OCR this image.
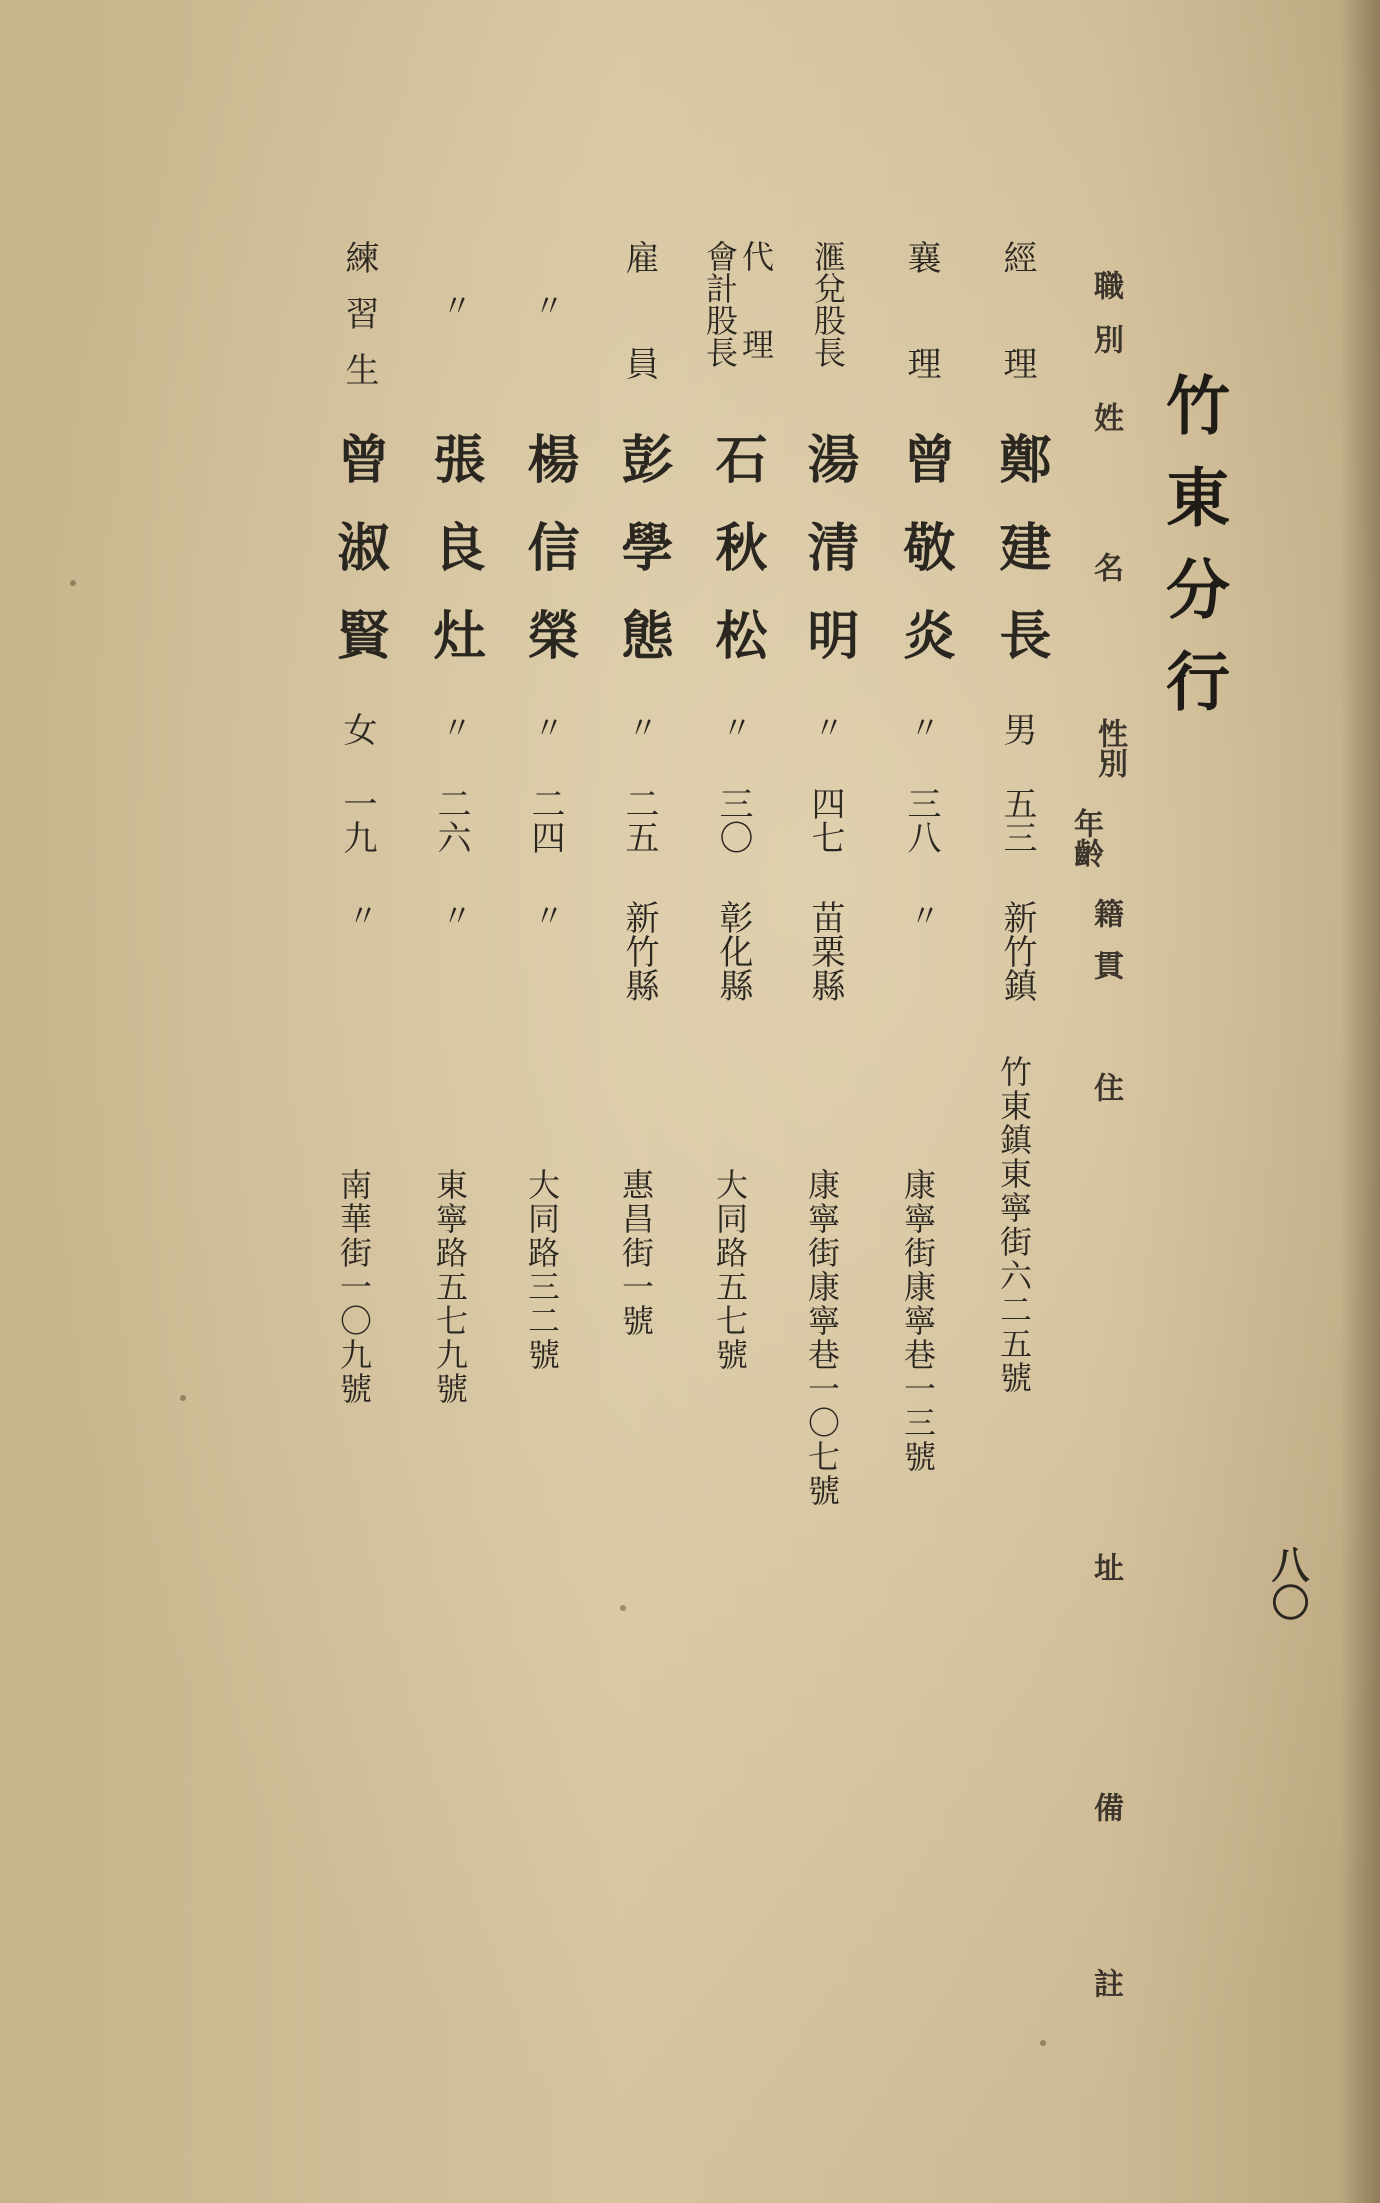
竹東分行
八〇
職別
姓名
性別
年齡
籍貫
住
址
備
註
經理
鄭建長
男
五三
新竹鎮
竹東鎮東寧街六二五號
襄理
曾敬炎
〃
三八
〃
康寧街康寧巷一三號
滙兌股長
湯清明
〃
四七
苗栗縣
康寧街康寧巷一〇七號
代理
會計股長
石秋松
〃
三〇
彰化縣
大同路五七號
雇員
彭學態
〃
二五
新竹縣
惠昌街一號
〃
楊信榮
〃
二四
〃
大同路三二號
〃
張良灶
〃
二六
〃
東寧路五七九號
練習生
曾淑賢
女
一九
〃
南華街一〇九號
